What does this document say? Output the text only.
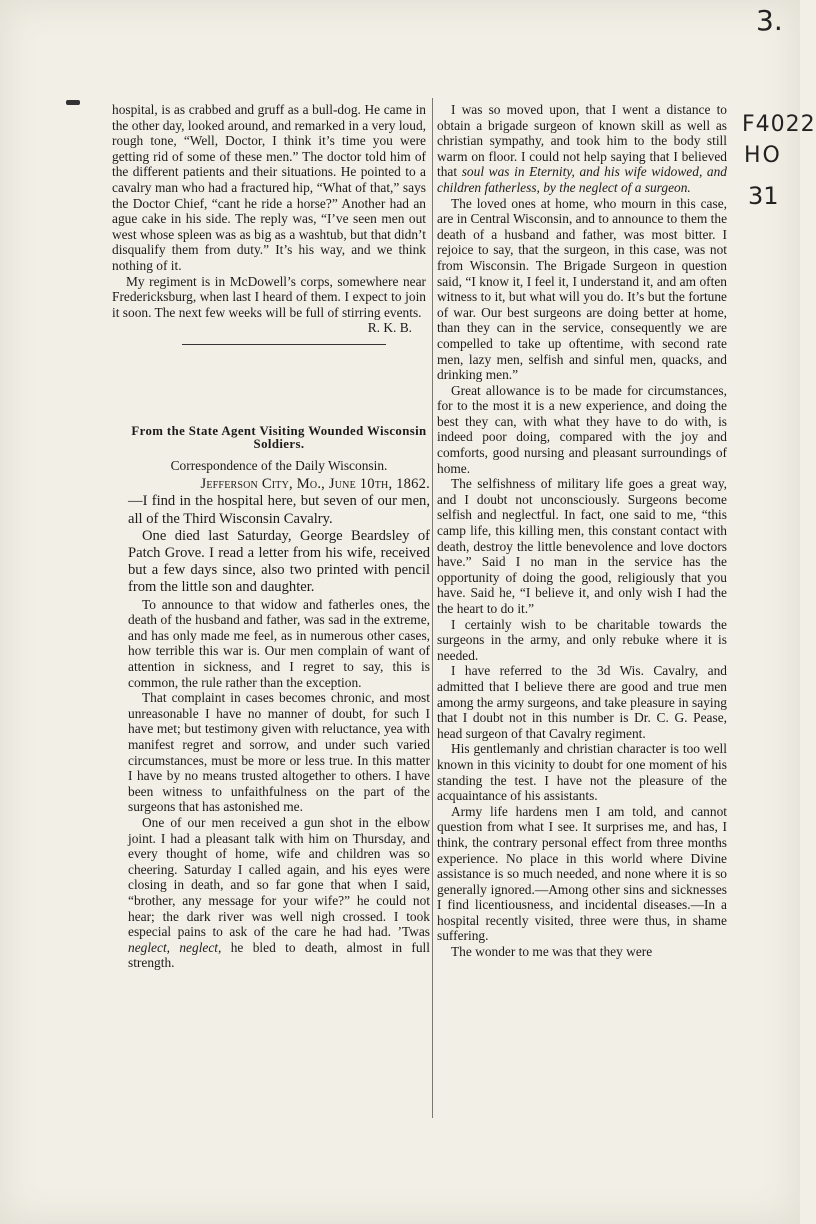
3.
F4022
HO
31

hospital, is as crabbed and gruff as a bull-dog. He came in the other day, looked around, and remarked in a very loud, rough tone, “Well, Doctor, I think it’s time you were getting rid of some of these men.” The doctor told him of the different patients and their situations. He pointed to a cavalry man who had a fractured hip, “What of that,” says the Doctor Chief, “cant he ride a horse?” Another had an ague cake in his side. The reply was, “I’ve seen men out west whose spleen was as big as a washtub, but that didn’t disqualify them from duty.” It’s his way, and we think nothing of it.

My regiment is in McDowell’s corps, somewhere near Fredericksburg, when last I heard of them. I expect to join it soon. The next few weeks will be full of stirring events.

R. K. B.

From the State Agent Visiting Wounded Wisconsin Soldiers.
Correspondence of the Daily Wisconsin.
Jefferson City, Mo., June 10th, 1862.

—I find in the hospital here, but seven of our men, all of the Third Wisconsin Cavalry.

One died last Saturday, George Beardsley of Patch Grove. I read a letter from his wife, received but a few days since, also two printed with pencil from the little son and daughter.

To announce to that widow and fatherles ones, the death of the husband and father, was sad in the extreme, and has only made me feel, as in numerous other cases, how terrible this war is. Our men complain of want of attention in sickness, and I regret to say, this is common, the rule rather than the exception.

That complaint in cases becomes chronic, and most unreasonable I have no manner of doubt, for such I have met; but testimony given with reluctance, yea with manifest regret and sorrow, and under such varied circumstances, must be more or less true. In this matter I have by no means trusted altogether to others. I have been witness to unfaithfulness on the part of the surgeons that has astonished me.

One of our men received a gun shot in the elbow joint. I had a pleasant talk with him on Thursday, and every thought of home, wife and children was so cheering. Saturday I called again, and his eyes were closing in death, and so far gone that when I said, “brother, any message for your wife?” he could not hear; the dark river was well nigh crossed. I took especial pains to ask of the care he had had. ’Twas neglect, neglect, he bled to death, almost in full strength.

I was so moved upon, that I went a distance to obtain a brigade surgeon of known skill as well as christian sympathy, and took him to the body still warm on floor. I could not help saying that I believed that soul was in Eternity, and his wife widowed, and children fatherless, by the neglect of a surgeon.

The loved ones at home, who mourn in this case, are in Central Wisconsin, and to announce to them the death of a husband and father, was most bitter. I rejoice to say, that the surgeon, in this case, was not from Wisconsin. The Brigade Surgeon in question said, “I know it, I feel it, I understand it, and am often witness to it, but what will you do. It’s but the fortune of war. Our best surgeons are doing better at home, than they can in the service, consequently we are compelled to take up oftentime, with second rate men, lazy men, selfish and sinful men, quacks, and drinking men.”

Great allowance is to be made for circumstances, for to the most it is a new experience, and doing the best they can, with what they have to do with, is indeed poor doing, compared with the joy and comforts, good nursing and pleasant surroundings of home.

The selfishness of military life goes a great way, and I doubt not unconsciously. Surgeons become selfish and neglectful. In fact, one said to me, “this camp life, this killing men, this constant contact with death, destroy the little benevolence and love doctors have.” Said I no man in the service has the opportunity of doing the good, religiously that you have. Said he, “I believe it, and only wish I had the the heart to do it.”

I certainly wish to be charitable towards the surgeons in the army, and only rebuke where it is needed.

I have referred to the 3d Wis. Cavalry, and admitted that I believe there are good and true men among the army surgeons, and take pleasure in saying that I doubt not in this number is Dr. C. G. Pease, head surgeon of that Cavalry regiment.

His gentlemanly and christian character is too well known in this vicinity to doubt for one moment of his standing the test. I have not the pleasure of the acquaintance of his assistants.

Army life hardens men I am told, and cannot question from what I see. It surprises me, and has, I think, the contrary personal effect from three months experience. No place in this world where Divine assistance is so much needed, and none where it is so generally ignored.—Among other sins and sicknesses I find licentiousness, and incidental diseases.—In a hospital recently visited, three were thus, in shame suffering.

The wonder to me was that they were
